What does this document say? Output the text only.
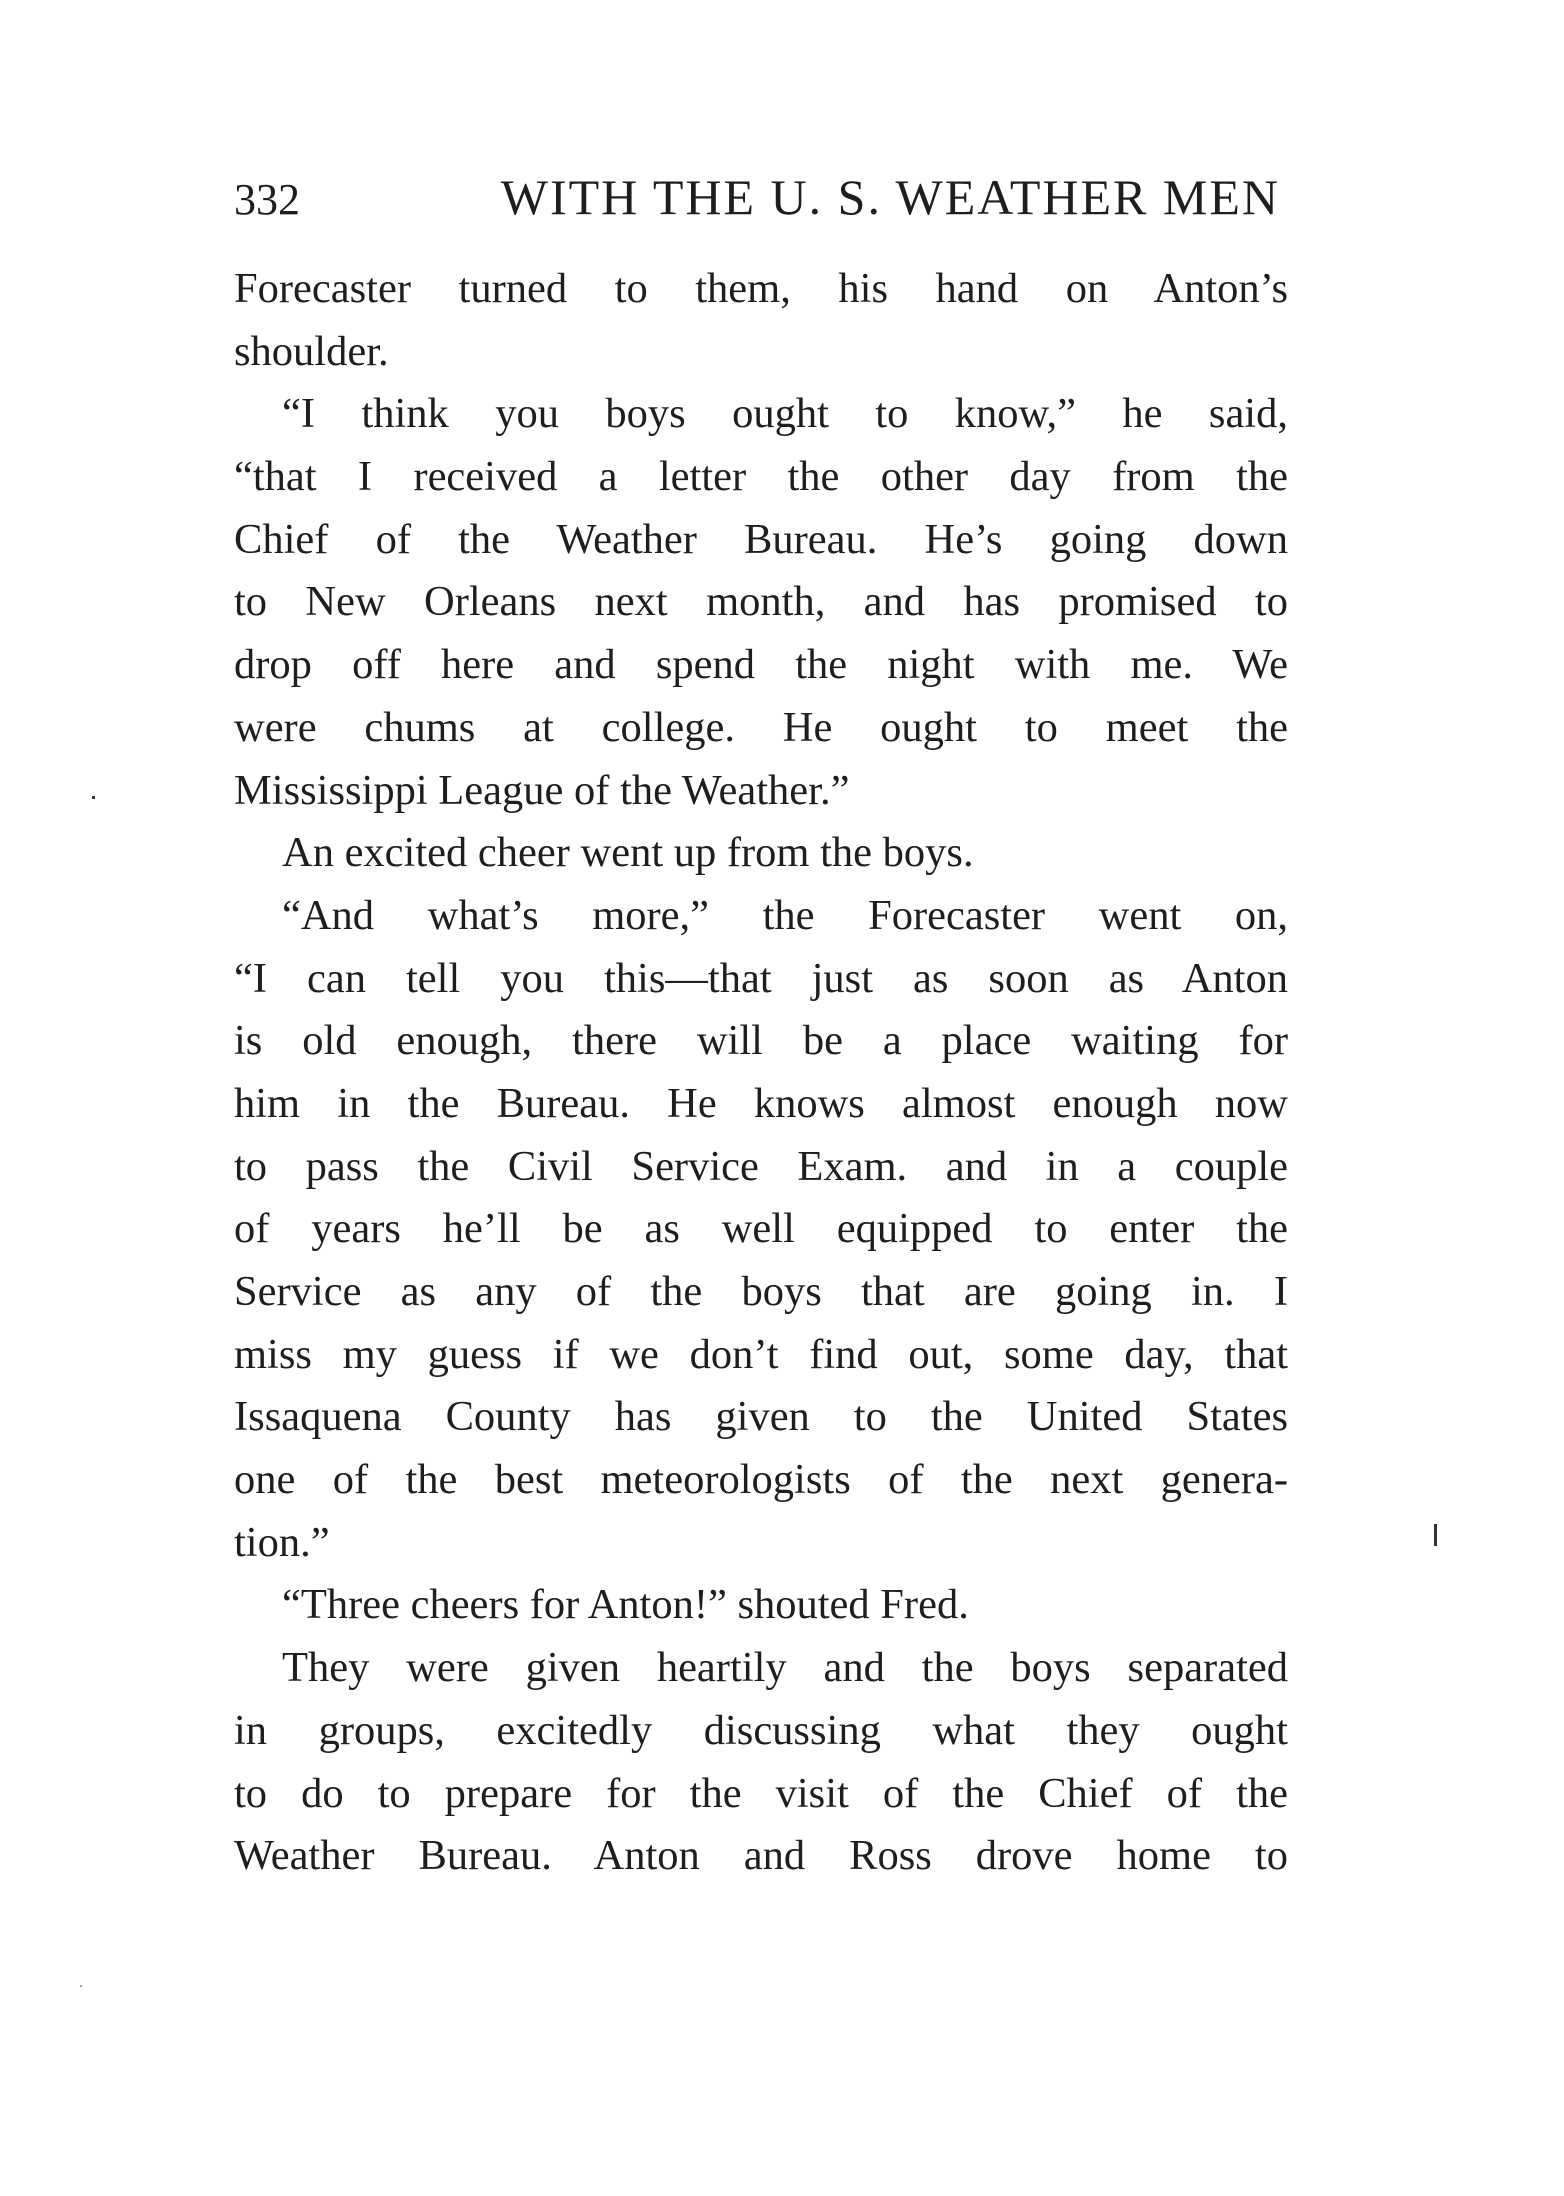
332	WITH THE U. S. WEATHER MEN
Forecaster turned to them, his hand on Anton’s
shoulder.
“I think you boys ought to know,” he said,
“that I received a letter the other day from the
Chief of the Weather Bureau. He’s going down
to New Orleans next month, and has promised to
drop off here and spend the night with me. We
were chums at college. He ought to meet the
Mississippi League of the Weather.”
An excited cheer went up from the boys.
“And what’s more,” the Forecaster went on,
“I can tell you this—that just as soon as Anton
is old enough, there will be a place waiting for
him in the Bureau. He knows almost enough now
to pass the Civil Service Exam. and in a couple
of years he’ll be as well equipped to enter the
Service as any of the boys that are going in. I
miss my guess if we don’t find out, some day, that
Issaquena County has given to the United States
one of the best meteorologists of the next genera-
tion.”
“Three cheers for Anton!” shouted Fred.
They were given heartily and the boys separated
in groups, excitedly discussing what they ought
to do to prepare for the visit of the Chief of the
Weather Bureau. Anton and Ross drove home to
